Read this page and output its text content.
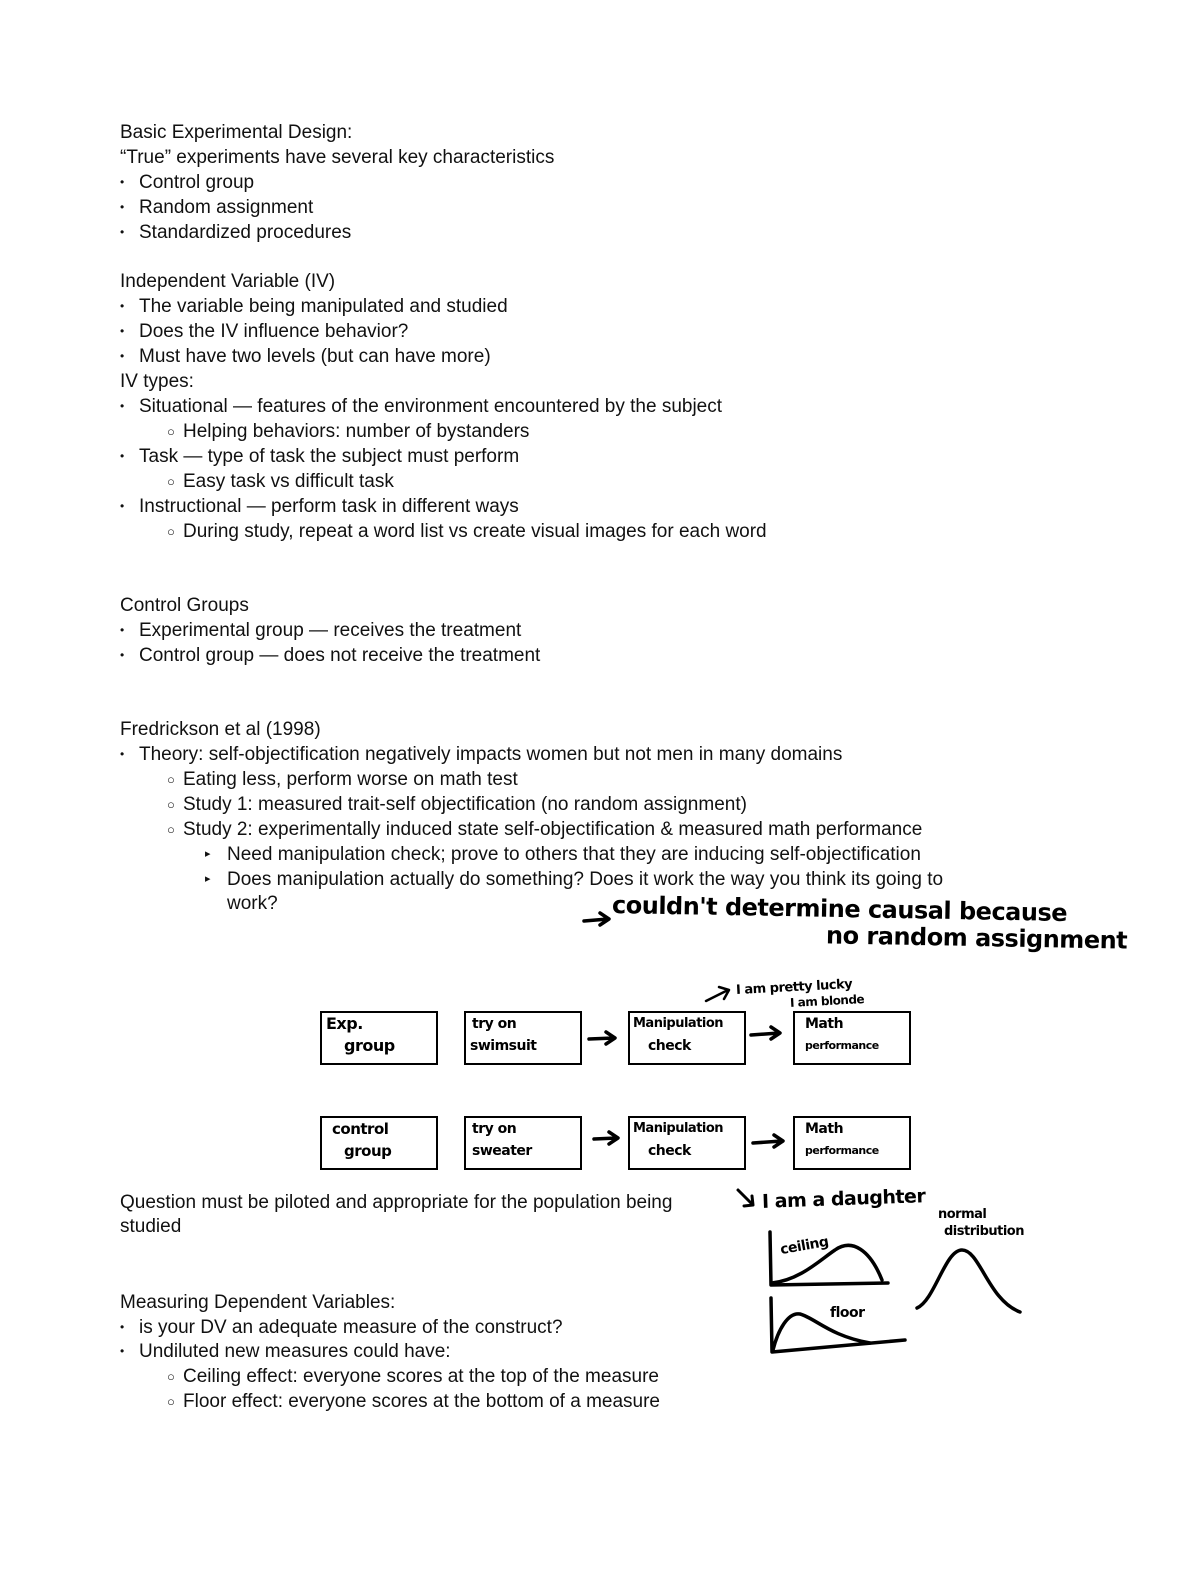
Basic Experimental Design:
“True” experiments have several key characteristics
• Control group
• Random assignment
• Standardized procedures
Independent Variable (IV)
• The variable being manipulated and studied
• Does the IV influence behavior?
• Must have two levels (but can have more)
IV types:
• Situational — features of the environment encountered by the subject
○ Helping behaviors: number of bystanders
• Task — type of task the subject must perform
○ Easy task vs difficult task
• Instructional — perform task in different ways
○ During study, repeat a word list vs create visual images for each word
Control Groups
• Experimental group — receives the treatment
• Control group — does not receive the treatment
Fredrickson et al (1998)
• Theory: self-objectification negatively impacts women but not men in many domains
○ Eating less, perform worse on math test
○ Study 1: measured trait-self objectification (no random assignment)
○ Study 2: experimentally induced state self-objectification & measured math performance
▸ Need manipulation check; prove to others that they are inducing self-objectification
▸ Does manipulation actually do something? Does it work the way you think its going to
work?
Question must be piloted and appropriate for the population being
studied
Measuring Dependent Variables:
• is your DV an adequate measure of the construct?
• Undiluted new measures could have:
○ Ceiling effect: everyone scores at the top of the measure
○ Floor effect: everyone scores at the bottom of a measure
couldn't determine causal because
no random assignment
I am pretty lucky
I am blonde
Exp.
group
try on
swimsuit
Manipulation
check
Math
performance
control
group
try on
sweater
Manipulation
check
Math
performance
I am a daughter
ceiling
floor
normal
distribution
